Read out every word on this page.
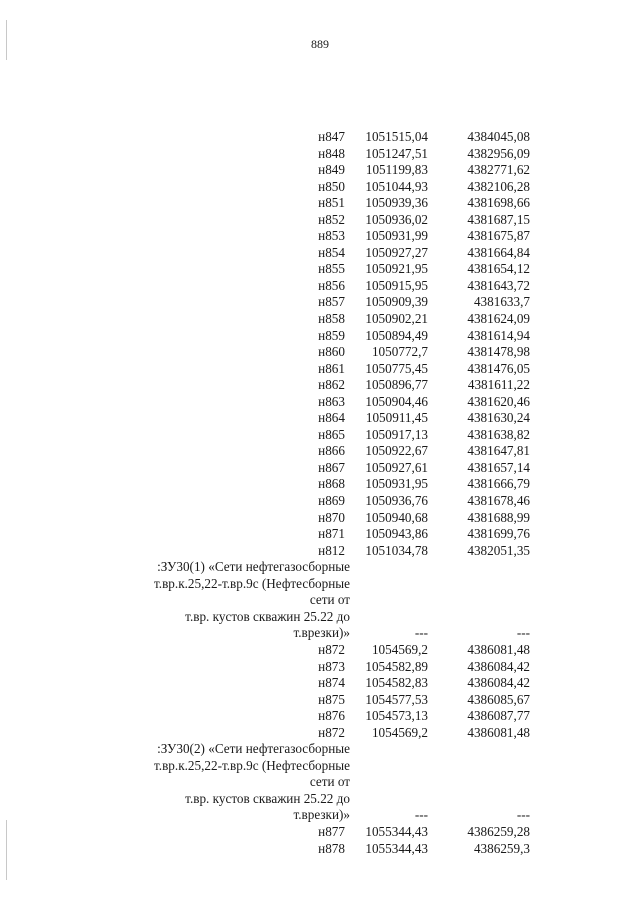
889
н847 1051515,04	4384045,08
н848 1051247,51	4382956,09
н849 1051199,83	4382771,62
н850 1051044,93	4382106,28
н851 1050939,36	4381698,66
н852 1050936,02	4381687,15
н853 1050931,99	4381675,87
н854 1050927,27	4381664,84
н855 1050921,95	4381654,12
н856 1050915,95	4381643,72
н857 1050909,39	4381633,7
н858 1050902,21	4381624,09
н859 1050894,49	4381614,94
н860 1050772,7	4381478,98
н861 1050775,45	4381476,05
н862 1050896,77	4381611,22
н863 1050904,46	4381620,46
н864 1050911,45	4381630,24
н865 1050917,13	4381638,82
н866 1050922,67	4381647,81
н867 1050927,61	4381657,14
н868 1050931,95	4381666,79
н869 1050936,76	4381678,46
н870 1050940,68	4381688,99
н871 1050943,86	4381699,76
н812 1051034,78	4382051,35
:ЗУ30(1) «Сети нефтегазосборные
т.вр.к.25,22-т.вр.9с (Нефтесборные сети от
т.вр. кустов скважин 25.22 до т.врезки)»	---	---
н872 1054569,2	4386081,48
н873 1054582,89	4386084,42
н874 1054582,83	4386084,42
н875 1054577,53	4386085,67
н876 1054573,13	4386087,77
н872 1054569,2	4386081,48
:ЗУ30(2) «Сети нефтегазосборные
т.вр.к.25,22-т.вр.9с (Нефтесборные сети от
т.вр. кустов скважин 25.22 до т.врезки)»	---	---
н877 1055344,43	4386259,28
н878 1055344,43	4386259,3
